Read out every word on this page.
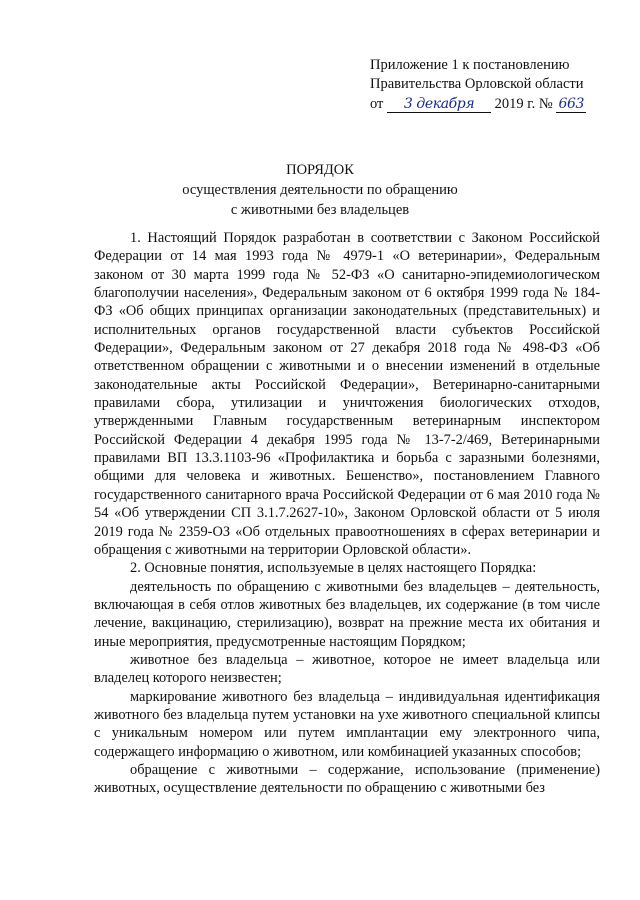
Приложение 1 к постановлению
Правительства Орловской области
от 3 декабря 2019 г. № 663
ПОРЯДОК
осуществления деятельности по обращению
с животными без владельцев

1. Настоящий Порядок разработан в соответствии с Законом Российской Федерации от 14 мая 1993 года № 4979-1 «О ветеринарии», Федеральным законом от 30 марта 1999 года № 52-ФЗ «О санитарно-эпидемиологическом благополучии населения», Федеральным законом от 6 октября 1999 года № 184-ФЗ «Об общих принципах организации законодательных (представительных) и исполнительных органов государственной власти субъектов Российской Федерации», Федеральным законом от 27 декабря 2018 года № 498-ФЗ «Об ответственном обращении с животными и о внесении изменений в отдельные законодательные акты Российской Федерации», Ветеринарно-санитарными правилами сбора, утилизации и уничтожения биологических отходов, утвержденными Главным государственным ветеринарным инспектором Российской Федерации 4 декабря 1995 года № 13-7-2/469, Ветеринарными правилами ВП 13.3.1103-96 «Профилактика и борьба с заразными болезнями, общими для человека и животных. Бешенство», постановлением Главного государственного санитарного врача Российской Федерации от 6 мая 2010 года № 54 «Об утверждении СП 3.1.7.2627-10», Законом Орловской области от 5 июля 2019 года № 2359-ОЗ «Об отдельных правоотношениях в сферах ветеринарии и обращения с животными на территории Орловской области».

2. Основные понятия, используемые в целях настоящего Порядка:

деятельность по обращению с животными без владельцев – деятельность, включающая в себя отлов животных без владельцев, их содержание (в том числе лечение, вакцинацию, стерилизацию), возврат на прежние места их обитания и иные мероприятия, предусмотренные настоящим Порядком;

животное без владельца – животное, которое не имеет владельца или владелец которого неизвестен;

маркирование животного без владельца – индивидуальная идентификация животного без владельца путем установки на ухе животного специальной клипсы с уникальным номером или путем имплантации ему электронного чипа, содержащего информацию о животном, или комбинацией указанных способов;

обращение с животными – содержание, использование (применение) животных, осуществление деятельности по обращению с животными без
